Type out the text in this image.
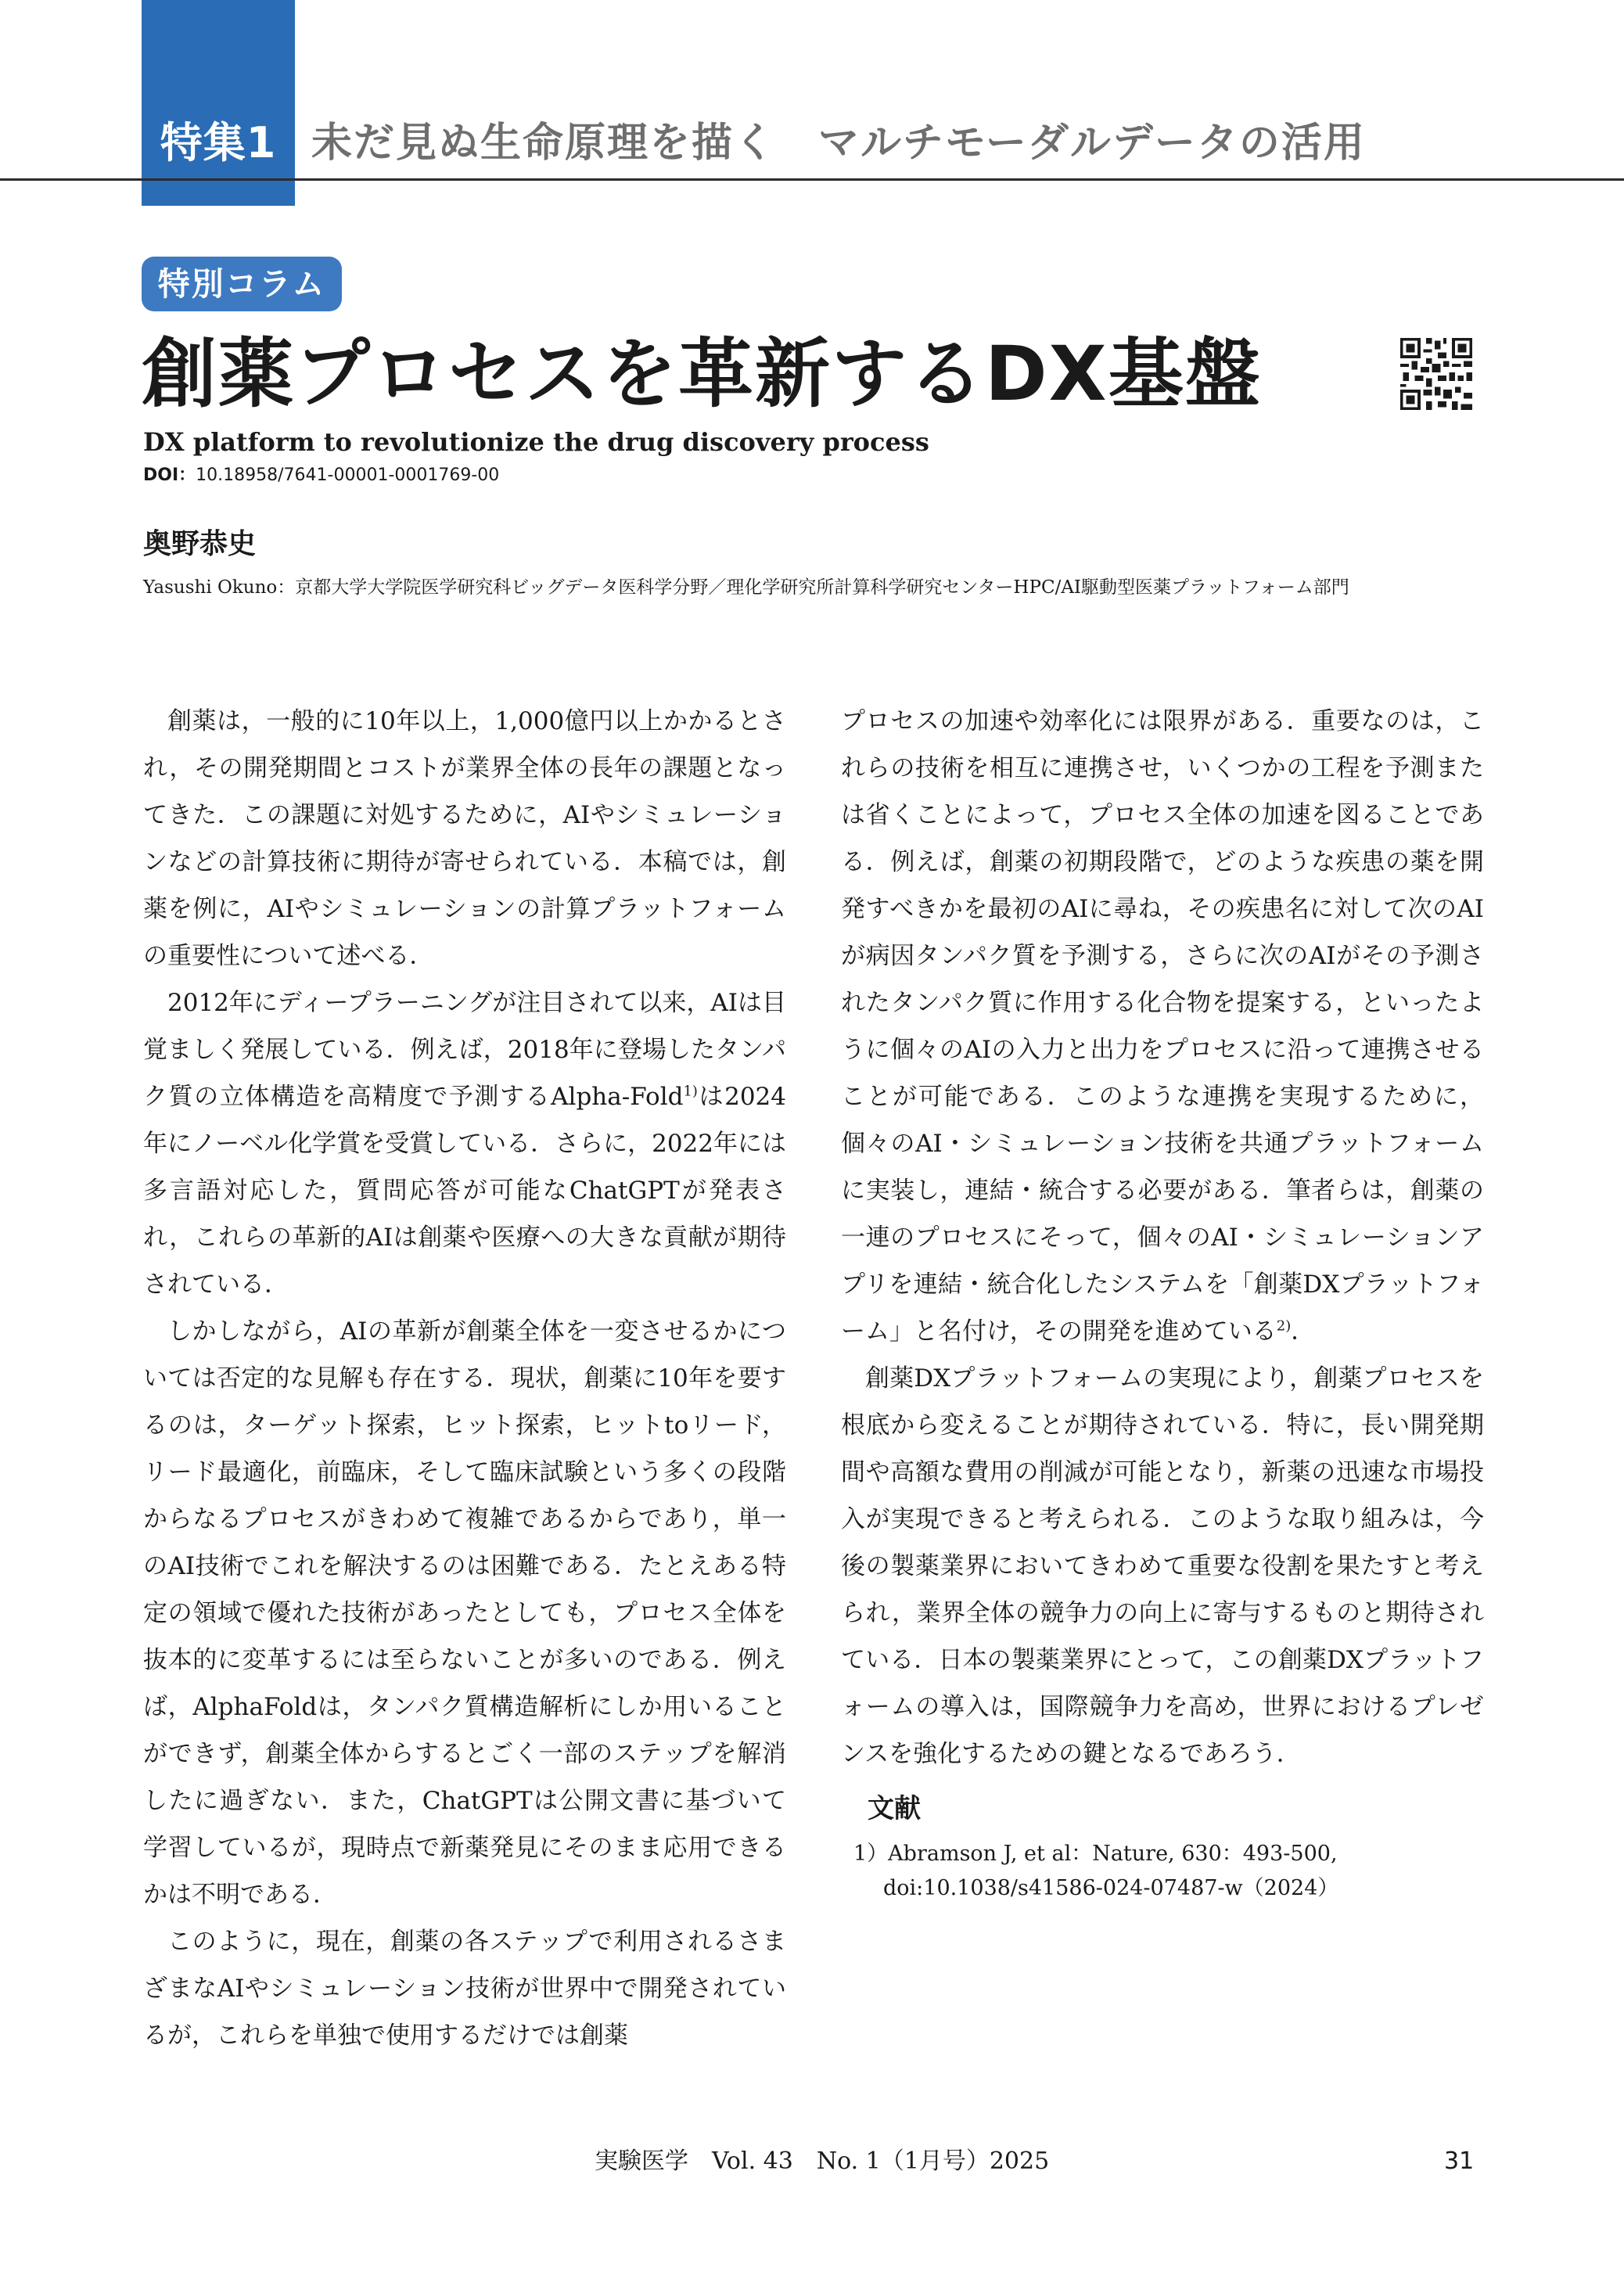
特集1 未だ見ぬ生命原理を描く　マルチモーダルデータの活用
特別コラム
創薬プロセスを革新するDX基盤
DX platform to revolutionize the drug discovery process
DOI：10.18958/7641-00001-0001769-00
奥野恭史
Yasushi Okuno：京都大学大学院医学研究科ビッグデータ医科学分野／理化学研究所計算科学研究センターHPC/AI駆動型医薬プラットフォーム部門

創薬は，一般的に10年以上，1,000億円以上かかるとされ，その開発期間とコストが業界全体の長年の課題となってきた．この課題に対処するために，AIやシミュレーションなどの計算技術に期待が寄せられている．本稿では，創薬を例に，AIやシミュレーションの計算プラットフォームの重要性について述べる．

2012年にディープラーニングが注目されて以来，AIは目覚ましく発展している．例えば，2018年に登場したタンパク質の立体構造を高精度で予測するAlpha-Fold$^{1)}$は2024年にノーベル化学賞を受賞している．さらに，2022年には多言語対応した，質問応答が可能なChatGPTが発表され，これらの革新的AIは創薬や医療への大きな貢献が期待されている．

しかしながら，AIの革新が創薬全体を一変させるかについては否定的な見解も存在する．現状，創薬に10年を要するのは，ターゲット探索，ヒット探索，ヒットtoリード，リード最適化，前臨床，そして臨床試験という多くの段階からなるプロセスがきわめて複雑であるからであり，単一のAI技術でこれを解決するのは困難である．たとえある特定の領域で優れた技術があったとしても，プロセス全体を抜本的に変革するには至らないことが多いのである．例えば，AlphaFoldは，タンパク質構造解析にしか用いることができず，創薬全体からするとごく一部のステップを解消したに過ぎない．また，ChatGPTは公開文書に基づいて学習しているが，現時点で新薬発見にそのまま応用できるかは不明である．

このように，現在，創薬の各ステップで利用されるさまざまなAIやシミュレーション技術が世界中で開発されているが，これらを単独で使用するだけでは創薬

プロセスの加速や効率化には限界がある．重要なのは，これらの技術を相互に連携させ，いくつかの工程を予測または省くことによって，プロセス全体の加速を図ることである．例えば，創薬の初期段階で，どのような疾患の薬を開発すべきかを最初のAIに尋ね，その疾患名に対して次のAIが病因タンパク質を予測する，さらに次のAIがその予測されたタンパク質に作用する化合物を提案する，といったように個々のAIの入力と出力をプロセスに沿って連携させることが可能である．このような連携を実現するために，個々のAI・シミュレーション技術を共通プラットフォームに実装し，連結・統合する必要がある．筆者らは，創薬の一連のプロセスにそって，個々のAI・シミュレーションアプリを連結・統合化したシステムを「創薬DXプラットフォーム」と名付け，その開発を進めている$^{2)}$．

創薬DXプラットフォームの実現により，創薬プロセスを根底から変えることが期待されている．特に，長い開発期間や高額な費用の削減が可能となり，新薬の迅速な市場投入が実現できると考えられる．このような取り組みは，今後の製薬業界においてきわめて重要な役割を果たすと考えられ，業界全体の競争力の向上に寄与するものと期待されている．日本の製薬業界にとって，この創薬DXプラットフォームの導入は，国際競争力を高め，世界におけるプレゼンスを強化するための鍵となるであろう．

文献
1）Abramson J, et al：Nature, 630：493-500, doi:10.1038/s41586-024-07487-w（2024）
実験医学　Vol. 43　No. 1（1月号）2025	31
